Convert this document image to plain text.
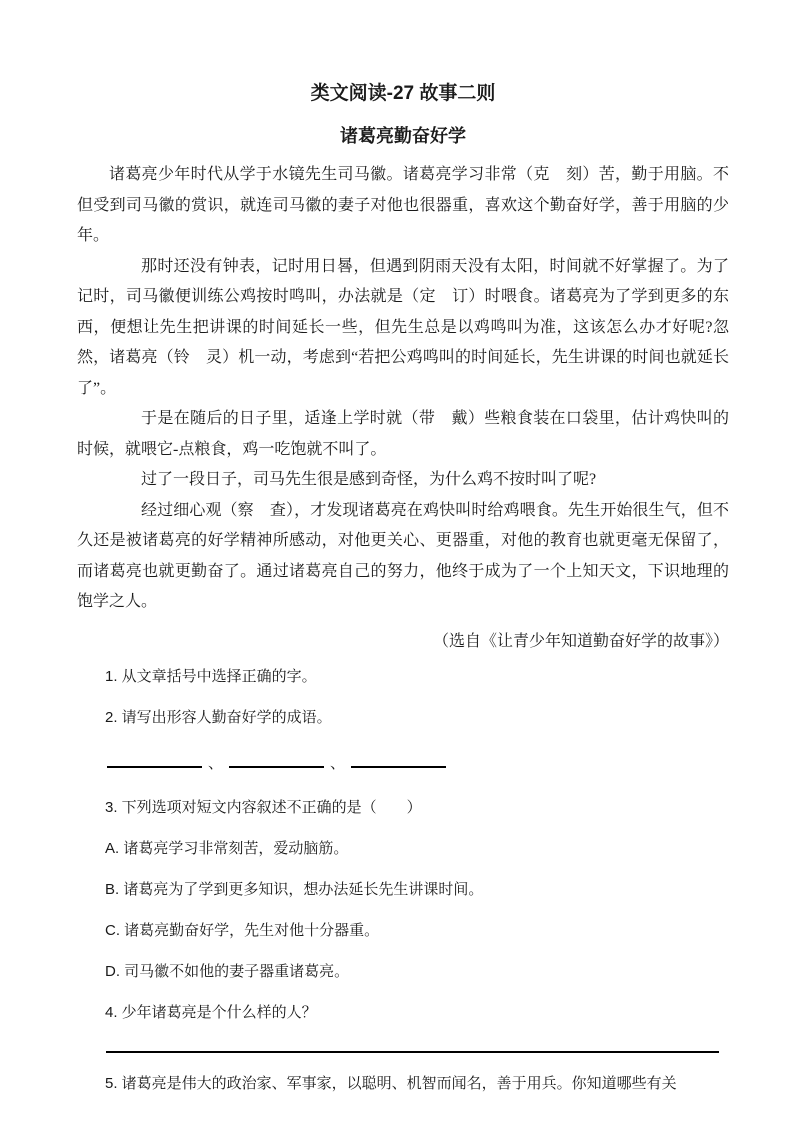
类文阅读-27 故事二则
诸葛亮勤奋好学

诸葛亮少年时代从学于水镜先生司马徽。诸葛亮学习非常（克　刻）苦，勤于用脑。不但受到司马徽的赏识，就连司马徽的妻子对他也很器重，喜欢这个勤奋好学，善于用脑的少年。

那时还没有钟表，记时用日晷，但遇到阴雨天没有太阳，时间就不好掌握了。为了记时，司马徽便训练公鸡按时鸣叫，办法就是（定　订）时喂食。诸葛亮为了学到更多的东西，便想让先生把讲课的时间延长一些，但先生总是以鸡鸣叫为准，这该怎么办才好呢?忽然，诸葛亮（铃　灵）机一动，考虑到“若把公鸡鸣叫的时间延长，先生讲课的时间也就延长了”。

于是在随后的日子里，适逢上学时就（带　戴）些粮食装在口袋里，估计鸡快叫的时候，就喂它-点粮食，鸡一吃饱就不叫了。

过了一段日子，司马先生很是感到奇怪，为什么鸡不按时叫了呢?

经过细心观（察　查），才发现诸葛亮在鸡快叫时给鸡喂食。先生开始很生气，但不久还是被诸葛亮的好学精神所感动，对他更关心、更器重，对他的教育也就更毫无保留了，而诸葛亮也就更勤奋了。通过诸葛亮自己的努力，他终于成为了一个上知天文，下识地理的饱学之人。

（选自《让青少年知道勤奋好学的故事》）

1. 从文章括号中选择正确的字。

2. 请写出形容人勤奋好学的成语。

、	、

3. 下列选项对短文内容叙述不正确的是（　　）

A. 诸葛亮学习非常刻苦，爱动脑筋。

B. 诸葛亮为了学到更多知识，想办法延长先生讲课时间。

C. 诸葛亮勤奋好学，先生对他十分器重。

D. 司马徽不如他的妻子器重诸葛亮。

4. 少年诸葛亮是个什么样的人？

5. 诸葛亮是伟大的政治家、军事家，以聪明、机智而闻名，善于用兵。你知道哪些有关
